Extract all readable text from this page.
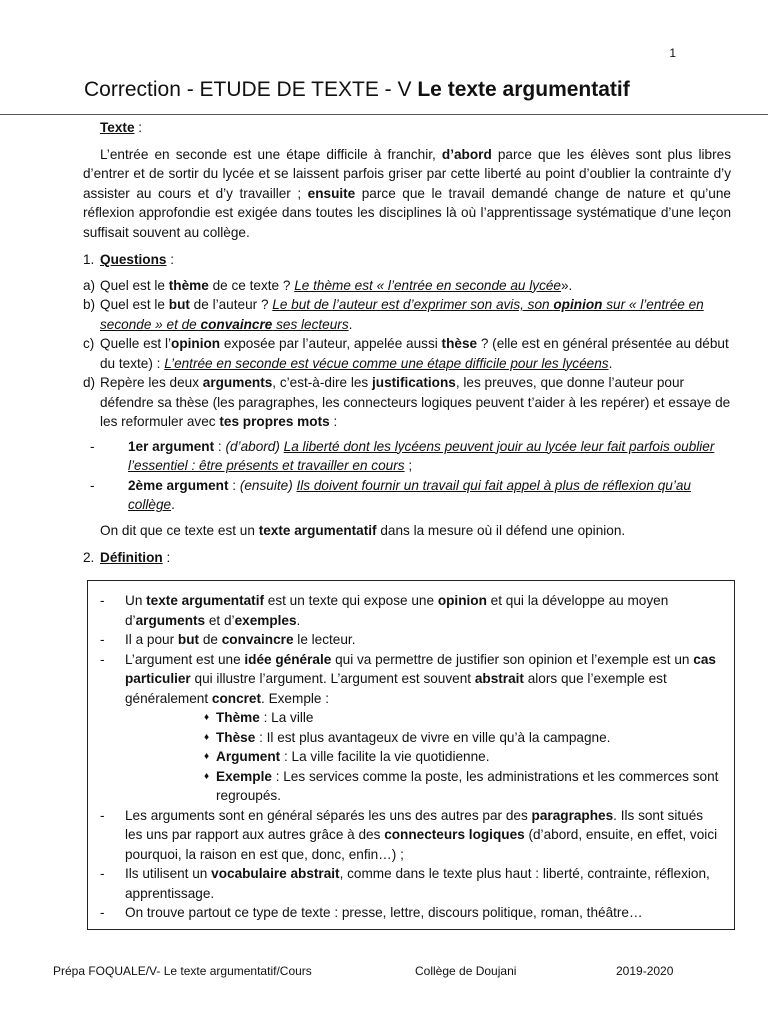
1
Correction - ETUDE DE TEXTE - V Le texte argumentatif
Texte :

L’entrée en seconde est une étape difficile à franchir, d’abord parce que les élèves sont plus libres d’entrer et de sortir du lycée et se laissent parfois griser par cette liberté au point d’oublier la contrainte d’y assister au cours et d’y travailler ; ensuite parce que le travail demandé change de nature et qu’une réflexion approfondie est exigée dans toutes les disciplines là où l’apprentissage systématique d’une leçon suffisait souvent au collège.

1. Questions :
a) Quel est le thème de ce texte ? Le thème est « l’entrée en seconde au lycée».
b) Quel est le but de l’auteur ? Le but de l’auteur est d’exprimer son avis, son opinion sur « l’entrée en seconde » et de convaincre ses lecteurs.
c) Quelle est l’opinion exposée par l’auteur, appelée aussi thèse ? (elle est en général présentée au début du texte) : L’entrée en seconde est vécue comme une étape difficile pour les lycéens.
d) Repère les deux arguments, c’est-à-dire les justifications, les preuves, que donne l’auteur pour défendre sa thèse (les paragraphes, les connecteurs logiques peuvent t’aider à les repérer) et essaye de les reformuler avec tes propres mots :
-	1er argument : (d’abord) La liberté dont les lycéens peuvent jouir au lycée leur fait parfois oublier l’essentiel : être présents et travailler en cours ;
-	2ème argument : (ensuite) Ils doivent fournir un travail qui fait appel à plus de réflexion qu’au collège.
On dit que ce texte est un texte argumentatif dans la mesure où il défend une opinion.
2. Définition :
-	Un texte argumentatif est un texte qui expose une opinion et qui la développe au moyen d’arguments et d’exemples.
-	Il a pour but de convaincre le lecteur.
-	L’argument est une idée générale qui va permettre de justifier son opinion et l’exemple est un cas particulier qui illustre l’argument. L’argument est souvent abstrait alors que l’exemple est généralement concret. Exemple :
♦ Thème : La ville
♦ Thèse : Il est plus avantageux de vivre en ville qu’à la campagne.
♦ Argument : La ville facilite la vie quotidienne.
♦ Exemple : Les services comme la poste, les administrations et les commerces sont regroupés.
-	Les arguments sont en général séparés les uns des autres par des paragraphes. Ils sont situés les uns par rapport aux autres grâce à des connecteurs logiques (d’abord, ensuite, en effet, voici pourquoi, la raison en est que, donc, enfin…) ;
-	Ils utilisent un vocabulaire abstrait, comme dans le texte plus haut : liberté, contrainte, réflexion, apprentissage.
-	On trouve partout ce type de texte : presse, lettre, discours politique, roman, théâtre…
Prépa FOQUALE/V- Le texte argumentatif/Cours	Collège de Doujani	2019-2020
